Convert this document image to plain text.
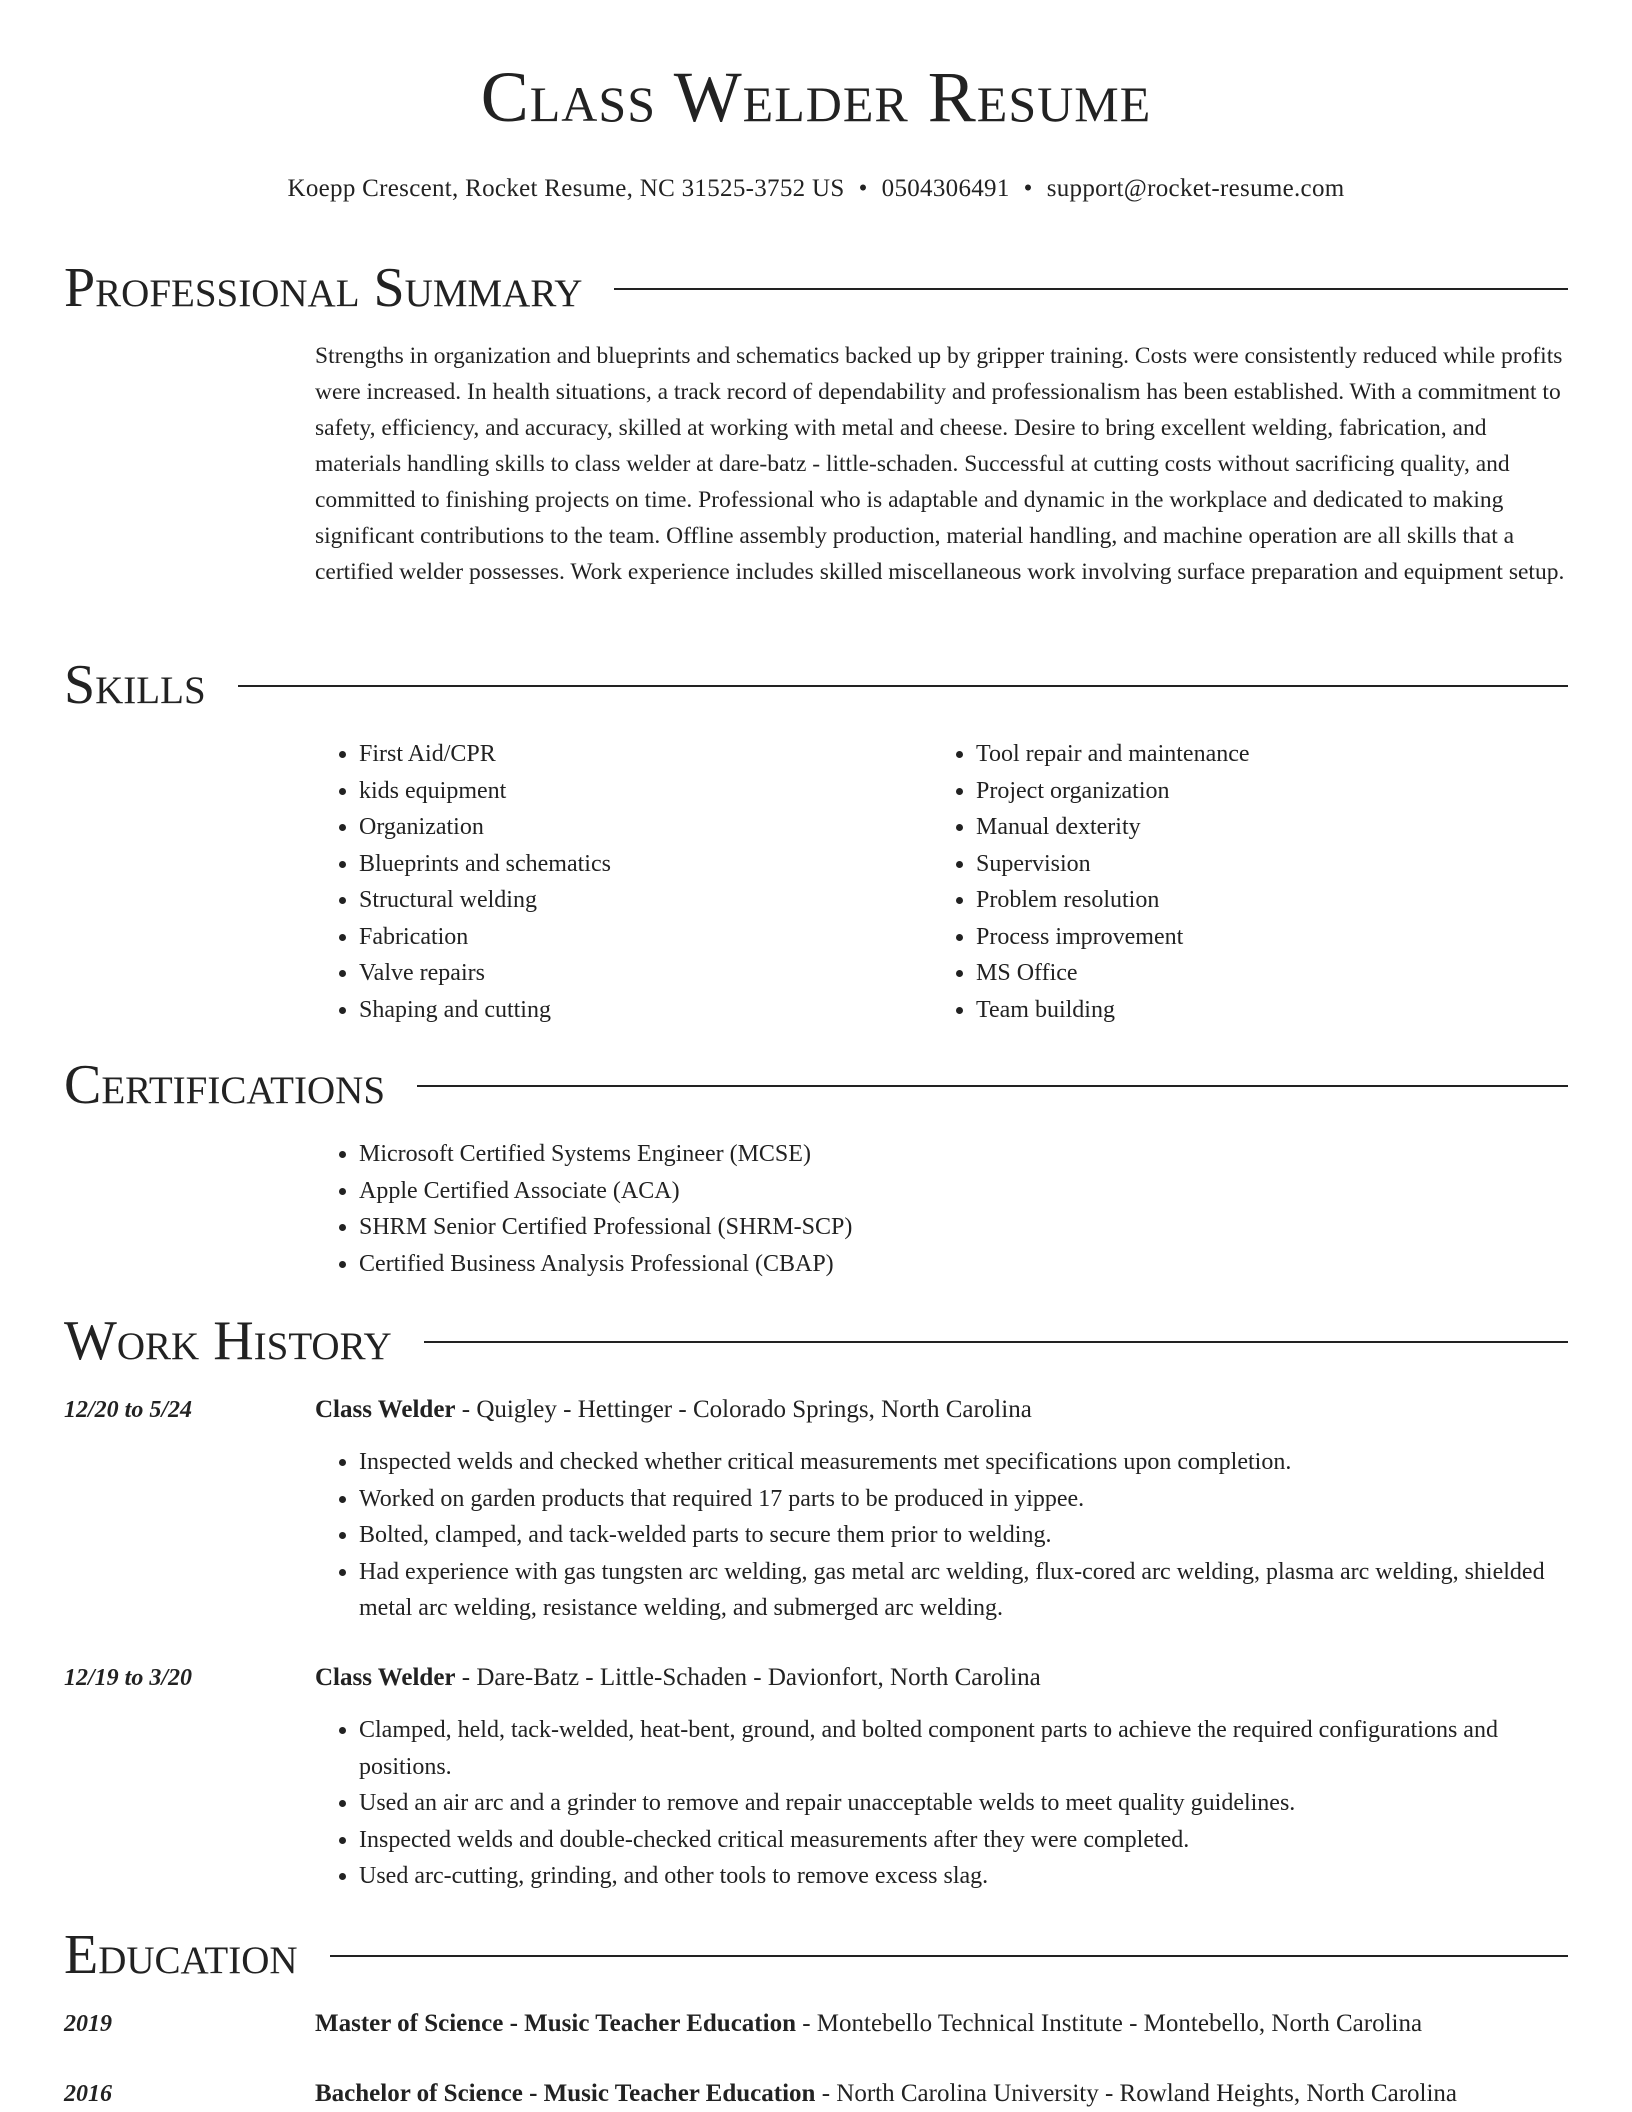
Class Welder Resume
Koepp Crescent, Rocket Resume, NC 31525-3752 US • 0504306491 • support@rocket-resume.com
Professional Summary
Strengths in organization and blueprints and schematics backed up by gripper training. Costs were consistently reduced while profits were increased. In health situations, a track record of dependability and professionalism has been established. With a commitment to safety, efficiency, and accuracy, skilled at working with metal and cheese. Desire to bring excellent welding, fabrication, and materials handling skills to class welder at dare-batz - little-schaden. Successful at cutting costs without sacrificing quality, and committed to finishing projects on time. Professional who is adaptable and dynamic in the workplace and dedicated to making significant contributions to the team. Offline assembly production, material handling, and machine operation are all skills that a certified welder possesses. Work experience includes skilled miscellaneous work involving surface preparation and equipment setup.
Skills
• First Aid/CPR
• kids equipment
• Organization
• Blueprints and schematics
• Structural welding
• Fabrication
• Valve repairs
• Shaping and cutting
• Tool repair and maintenance
• Project organization
• Manual dexterity
• Supervision
• Problem resolution
• Process improvement
• MS Office
• Team building
Certifications
• Microsoft Certified Systems Engineer (MCSE)
• Apple Certified Associate (ACA)
• SHRM Senior Certified Professional (SHRM-SCP)
• Certified Business Analysis Professional (CBAP)
Work History
12/20 to 5/24	Class Welder - Quigley - Hettinger - Colorado Springs, North Carolina
• Inspected welds and checked whether critical measurements met specifications upon completion.
• Worked on garden products that required 17 parts to be produced in yippee.
• Bolted, clamped, and tack-welded parts to secure them prior to welding.
• Had experience with gas tungsten arc welding, gas metal arc welding, flux-cored arc welding, plasma arc welding, shielded metal arc welding, resistance welding, and submerged arc welding.
12/19 to 3/20	Class Welder - Dare-Batz - Little-Schaden - Davionfort, North Carolina
• Clamped, held, tack-welded, heat-bent, ground, and bolted component parts to achieve the required configurations and positions.
• Used an air arc and a grinder to remove and repair unacceptable welds to meet quality guidelines.
• Inspected welds and double-checked critical measurements after they were completed.
• Used arc-cutting, grinding, and other tools to remove excess slag.
Education
2019	Master of Science - Music Teacher Education - Montebello Technical Institute - Montebello, North Carolina
2016	Bachelor of Science - Music Teacher Education - North Carolina University - Rowland Heights, North Carolina
